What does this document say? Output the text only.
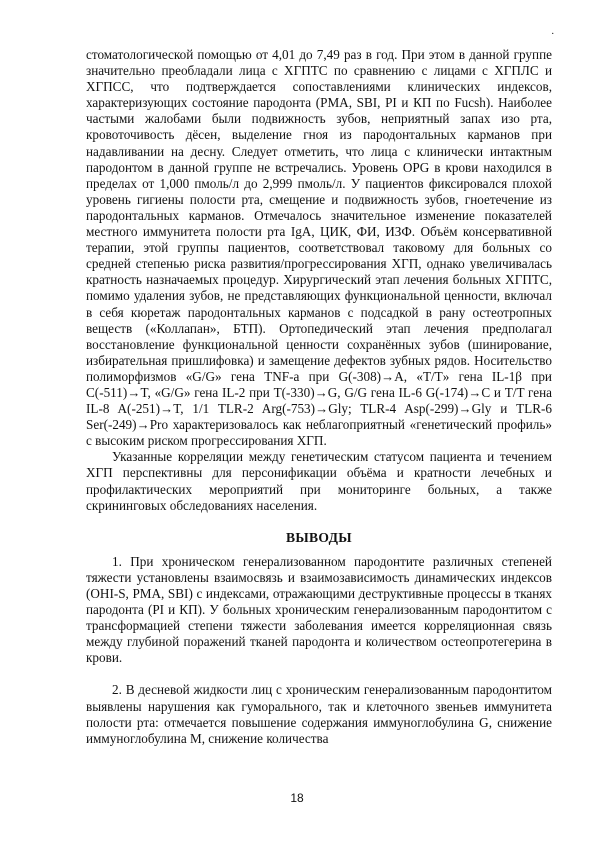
.

стоматологической помощью от 4,01 до 7,49 раз в год. При этом в данной группе значительно преобладали лица с ХГПТС по сравнению с лицами с ХГПЛС и ХГПСС, что подтверждается сопоставлениями клинических индексов, характеризующих состояние пародонта (PMA, SBI, PI и КП по Fucsh). Наиболее частыми жалобами были подвижность зубов, неприятный запах изо рта, кровоточивость дёсен, выделение гноя из пародонтальных карманов при надавливании на десну. Следует отметить, что лица с клинически интактным пародонтом в данной группе не встречались. Уровень OPG в крови находился в пределах от 1,000 пмоль/л до 2,999 пмоль/л. У пациентов фиксировался плохой уровень гигиены полости рта, смещение и подвижность зубов, гноетечение из пародонтальных карманов. Отмечалось значительное изменение показателей местного иммунитета полости рта IgA, ЦИК, ФИ, ИЗФ. Объём консервативной терапии, этой группы пациентов, соответствовал таковому для больных со средней степенью риска развития/прогрессирования ХГП, однако увеличивалась кратность назначаемых процедур. Хирургический этап лечения больных ХГПТС, помимо удаления зубов, не представляющих функциональной ценности, включал в себя кюретаж пародонтальных карманов с подсадкой в рану остеотропных веществ («Коллапан», БТП). Ортопедический этап лечения предполагал восстановление функциональной ценности сохранённых зубов (шинирование, избирательная пришлифовка) и замещение дефектов зубных рядов. Носительство полиморфизмов «G/G» гена TNF-a при G(-308)→A, «T/T» гена IL-1β при C(-511)→T, «G/G» гена IL-2 при T(-330)→G, G/G гена IL-6 G(-174)→C и T/T гена IL-8 A(-251)→T, 1/1 TLR-2 Arg(-753)→Gly; TLR-4 Asp(-299)→Gly и TLR-6 Ser(-249)→Pro характеризовалось как неблагоприятный «генетический профиль» с высоким риском прогрессирования ХГП.

Указанные корреляции между генетическим статусом пациента и течением ХГП перспективны для персонификации объёма и кратности лечебных и профилактических мероприятий при мониторинге больных, а также скрининговых обследованиях населения.

ВЫВОДЫ

1. При хроническом генерализованном пародонтите различных степеней тяжести установлены взаимосвязь и взаимозависимость динамических индексов (OHI-S, PMA, SBI) с индексами, отражающими деструктивные процессы в тканях пародонта (PI и КП). У больных хроническим генерализованным пародонтитом с трансформацией степени тяжести заболевания имеется корреляционная связь между глубиной поражений тканей пародонта и количеством остеопротегерина в крови.

2. В десневой жидкости лиц с хроническим генерализованным пародонтитом выявлены нарушения как гуморального, так и клеточного звеньев иммунитета полости рта: отмечается повышение содержания иммуноглобулина G, снижение иммуноглобулина M, снижение количества

18
